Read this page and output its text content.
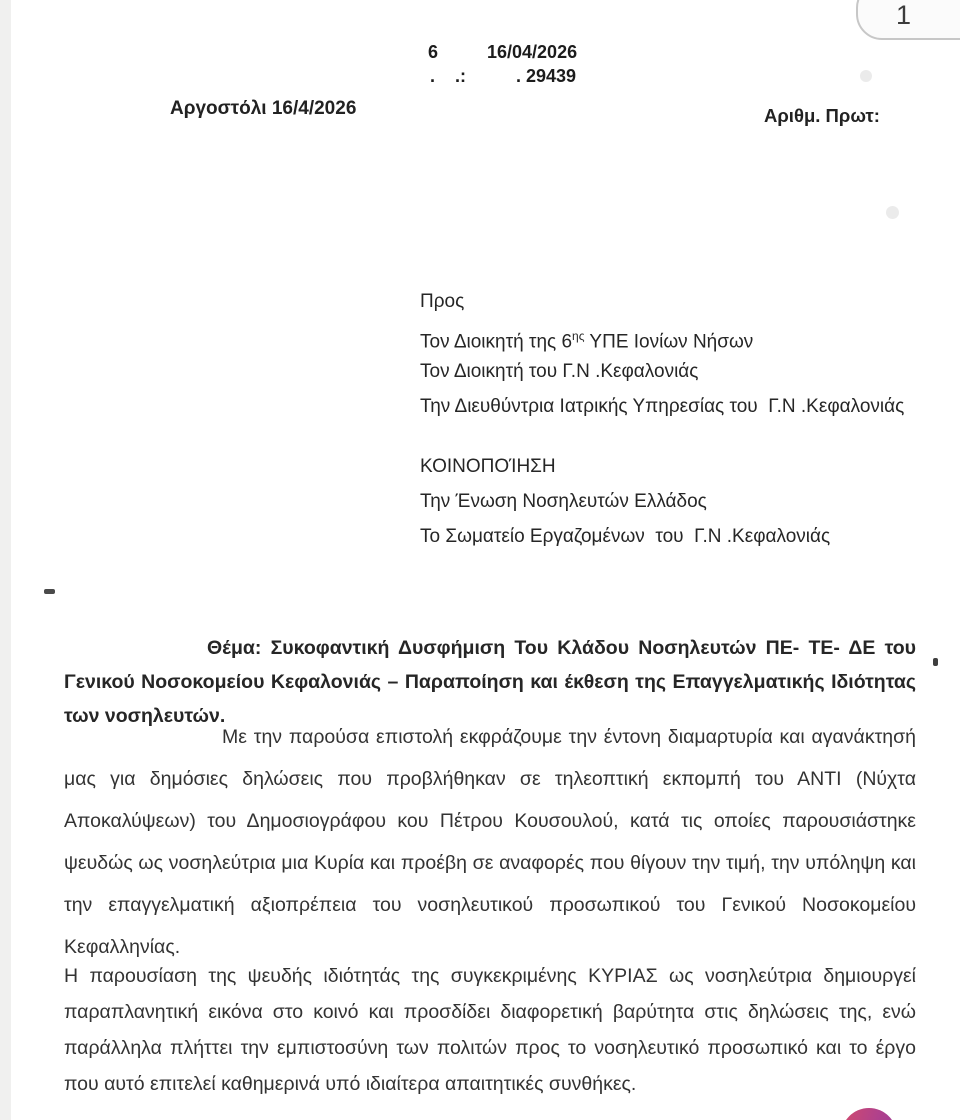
1
6	16/04/2026
.    .:          . 29439
Αργοστόλι 16/4/2026	Αριθμ. Πρωτ:
Προς
Τον Διοικητή της $6^{\eta\varsigma}$ ΥΠΕ Ιονίων Νήσων
Τον Διοικητή του Γ.Ν .Κεφαλονιάς
Την Διευθύντρια Ιατρικής Υπηρεσίας του  Γ.Ν .Κεφαλονιάς
ΚΟΙΝΟΠΟΊΗΣΗ
Την Ένωση Νοσηλευτών Ελλάδος
Το Σωματείο Εργαζομένων  του  Γ.Ν .Κεφαλονιάς
Θέμα: Συκοφαντική Δυσφήμιση Του Κλάδου Νοσηλευτών ΠΕ- ΤΕ- ΔΕ του Γενικού Νοσοκομείου Κεφαλονιάς – Παραποίηση και έκθεση της Επαγγελματικής Ιδιότητας των νοσηλευτών.
Με την παρούσα επιστολή εκφράζουμε την έντονη διαμαρτυρία και αγανάκτησή μας για δημόσιες δηλώσεις που προβλήθηκαν σε τηλεοπτική εκπομπή του ΑΝΤΙ (Νύχτα Αποκαλύψεων) του Δημοσιογράφου κου Πέτρου Κουσουλού, κατά τις οποίες παρουσιάστηκε ψευδώς ως νοσηλεύτρια μια Κυρία και προέβη σε αναφορές που θίγουν την τιμή, την υπόληψη και την επαγγελματική αξιοπρέπεια του νοσηλευτικού προσωπικού του Γενικού Νοσοκομείου Κεφαλληνίας.
Η παρουσίαση της ψευδής ιδιότητάς της συγκεκριμένης ΚΥΡΙΑΣ ως νοσηλεύτρια δημιουργεί παραπλανητική εικόνα στο κοινό και προσδίδει διαφορετική βαρύτητα στις δηλώσεις της, ενώ παράλληλα πλήττει την εμπιστοσύνη των πολιτών προς το νοσηλευτικό προσωπικό και το έργο που αυτό επιτελεί καθημερινά υπό ιδιαίτερα απαιτητικές συνθήκες.
